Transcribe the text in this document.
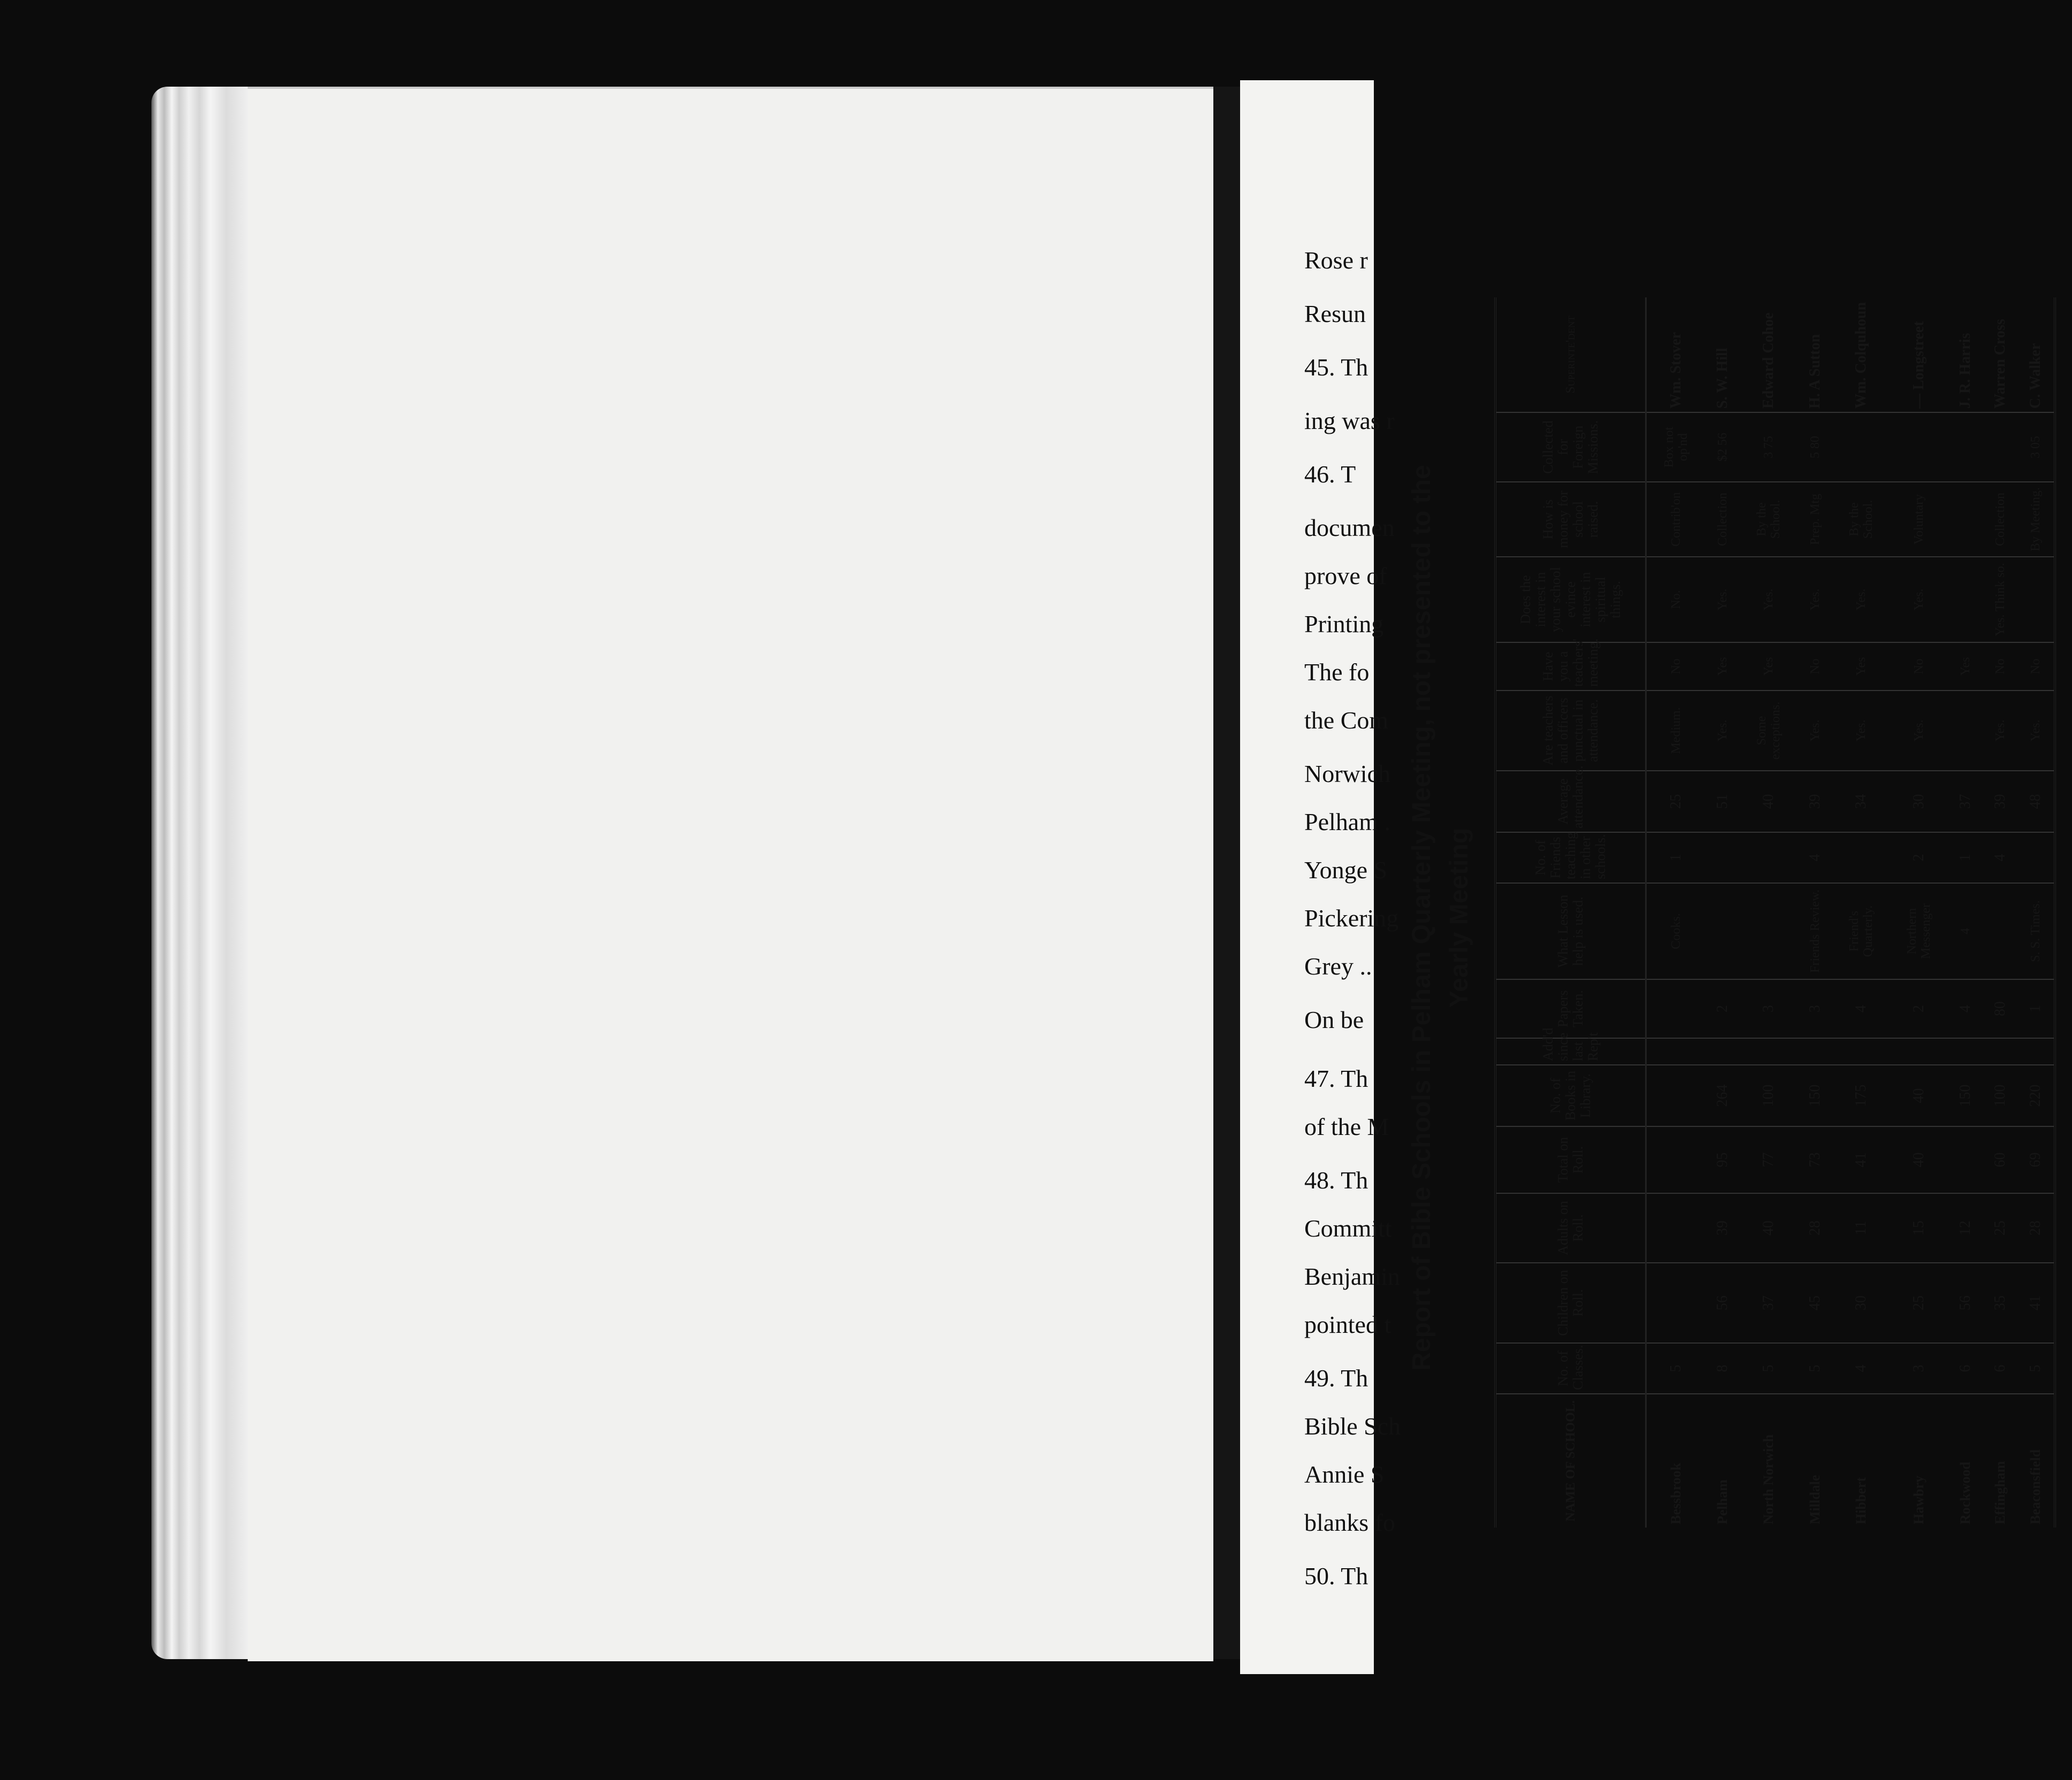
Report of Bible Schools in Pelham Quarterly Meeting, not presented to the Yearly Meeting
NAME OF SCHOOL.	No. of Classes.	Children on Roll.	Adults on Roll.	Total on Roll.	No. of Books in Library.	Add'd since last Rep't	Papers Taken.	What Lesson help is used.	No. of Friends teaching in other schools.	Average attendance.	Are teachers and officers punctual in attendance.	Have you a teachers' meeting.	Does the interest in your school evince interest in spiritual things.	How is money for school raised.	Collected for Foreign Missions.	Superinte'dent
Bessbrook	5							Cooks.	1	25	Medium.	No	No.	Contrib'on	Box not op'nd	Wm. Stover
Pelham	8	56	39	95	264		2			51	Yes.	Yes	Yes.	Collection	$2 56	S. W. Hill
North Norwich	5	37	40	77	100		3			40	Some exceptions.	Yes	Yes.	By the School.	3 75	Edward Cohoe
Milldale	5	45	28	73	150		3	Friends Review.	4	39	Yes.	No	Yes.	Prep. Mtg	5 80	H. A Sutton
Hibbert	4	30	11	41	175		4	Friend's Quarterly.		34	Yes.	Yes	Yes.	By the School.		Wm. Colquhoun
Hawbry	3	25	15	40	40		2	Northern Messenger	2	30	Yes.	No	Yes.	Voluntary		— Longstreet
Rockwood	6	56	12		150		4	4	1	37		Yes				J. R. Harris
Effingham	6	35	25	60	100		80		4	39	Yes.	No	Yes. Think so.	Collection		Warren Cross
Beaconsfield	5	41	28	69	220		1	S. S. Times.		48	Yes.	No		By Meeting.	3 05	C. Walker
Rose r
Resun
45. Th
ing was r
46. T
documen
prove of
Printing
The fo
the Com
Norwich
Pelham .
Yonge S
Pickering
Grey ..
On be
47. Th
of the M
48. Th
Committ
Benjamin
pointed t
49. Th
Bible Sch
Annie S
blanks fo
50. Th
